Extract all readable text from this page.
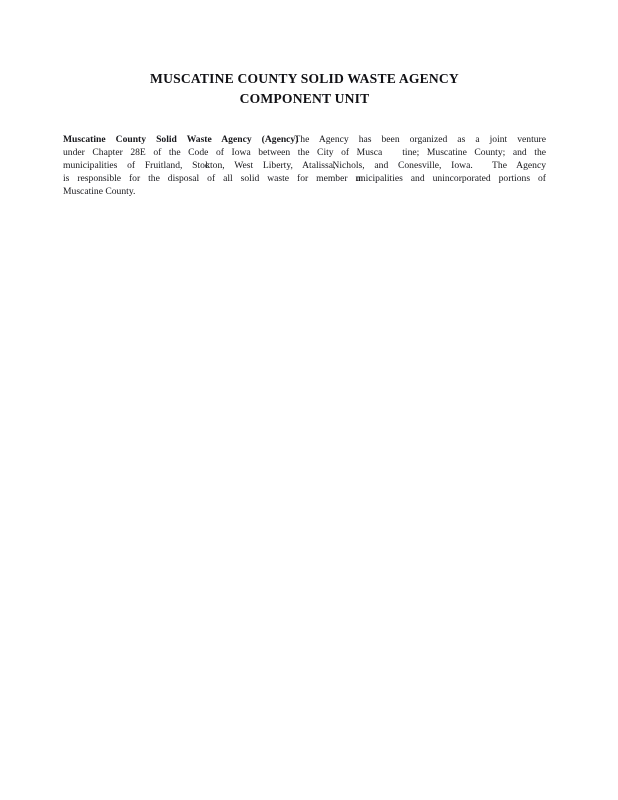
MUSCATINE COUNTY SOLID WASTE AGENCY
COMPONENT UNIT
Muscatine County Solid Waste Agency (Agency)The Agency has been organized as a joint venture
under Chapter 28E of the Code of Iowa between the City of Musca tine; Muscatine County; and the
municipalities of Fruitland, Stockton, West Liberty, Atalissa,Nichols, and Conesville, Iowa.  The Agency
is responsible for the disposal of all solid waste for member municipalities and unincorporated portions of
Muscatine County.
